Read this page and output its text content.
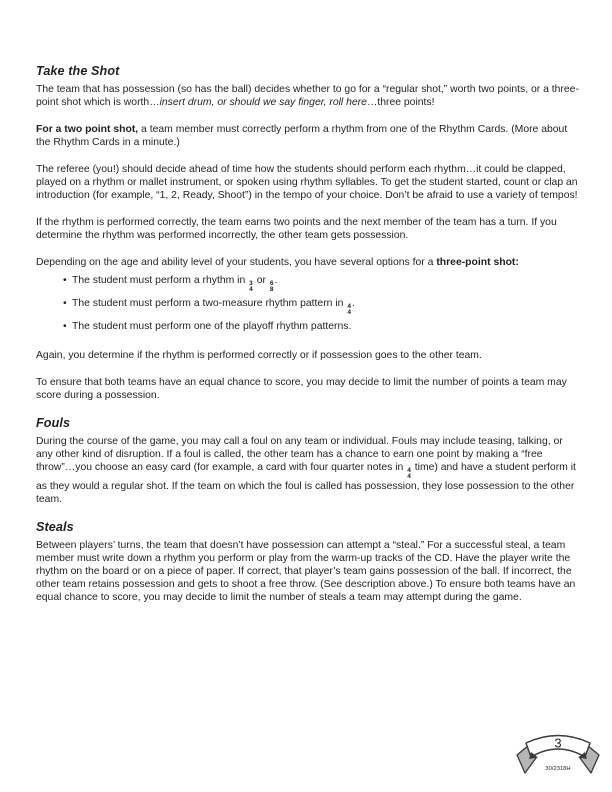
Take the Shot

The team that has possession (so has the ball) decides whether to go for a “regular shot,” worth two points, or a three-point shot which is worth…insert drum, or should we say finger, roll here…three points!

For a two point shot, a team member must correctly perform a rhythm from one of the Rhythm Cards. (More about the Rhythm Cards in a minute.)

The referee (you!) should decide ahead of time how the students should perform each rhythm…it could be clapped, played on a rhythm or mallet instrument, or spoken using rhythm syllables. To get the student started, count or clap an introduction (for example, “1, 2, Ready, Shoot”) in the tempo of your choice. Don’t be afraid to use a variety of tempos!

If the rhythm is performed correctly, the team earns two points and the next member of the team has a turn. If you determine the rhythm was performed incorrectly, the other team gets possession.

Depending on the age and ability level of your students, you have several options for a three-point shot:

• The student must perform a rhythm in 3
4
or 6
8
.
• The student must perform a two-measure rhythm pattern in 4
4
.
• The student must perform one of the playoff rhythm patterns.

Again, you determine if the rhythm is performed correctly or if possession goes to the other team.

To ensure that both teams have an equal chance to score, you may decide to limit the number of points a team may score during a possession.

Fouls

During the course of the game, you may call a foul on any team or individual. Fouls may include teasing, talking, or any other kind of disruption. If a foul is called, the other team has a chance to earn one point by making a “free throw”…you choose an easy card (for example, a card with four quarter notes in 4
4
time) and have a student perform it as they would a regular shot. If the team on which the foul is called has possession, they lose possession to the other team.

Steals

Between players’ turns, the team that doesn’t have possession can attempt a “steal.” For a successful steal, a team member must write down a rhythm you perform or play from the warm-up tracks of the CD. Have the player write the rhythm on the board or on a piece of paper. If correct, that player’s team gains possession of the ball. If incorrect, the other team retains possession and gets to shoot a free throw. (See description above.) To ensure both teams have an equal chance to score, you may decide to limit the number of steals a team may attempt during the game.

3
30/2318H
